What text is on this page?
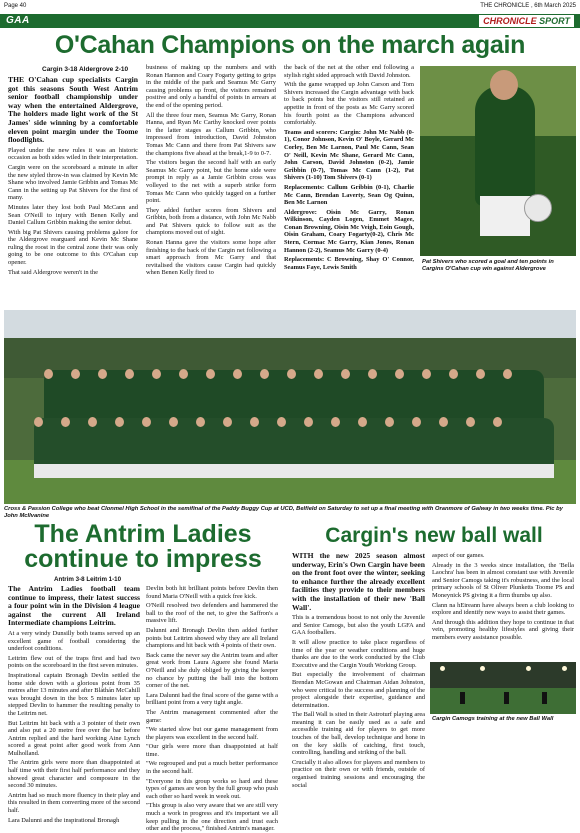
Page 40	THE CHRONICLE , 6th March 2025
GAA	CHRONICLE SPORT
O'Cahan Champions on the march again
Cargin 3-18 Aldergrove 2-10

THE O'Cahan cup specialists Cargin got this seasons South West Antrim senior football championship under way when the entertained Aldergrove, The holders made light work of the St James' side winning by a comfortable eleven point margin under the Toome floodlights.

Played under the new rules it was an historic occasion as both sides wiled in their interpretation.

Cargin were on the scoreboard a minute in after the new styled throw-in was claimed by Kevin Mc Shane who involved Jamie Gribbin and Tomas Mc Cann in the setting up Pat Shivers for the first of many.

Minutes later they lost both Paul McCann and Sean O'Neill to injury with Benen Kelly and Daniel Callum Gribbin making the senior debut.

With big Pat Shivers causing problems galore for the Aldergrove rearguard and Kevin Mc Shane ruling the roost in the central zone their was only going to be one outcome to this O'Cahan cup opener.

That said Aldergrove weren't in the

business of making up the numbers and with Ronan Hannon and Coary Fogarty getting to grips in the middle of the park and Seamus Mc Garry causing problems up front, the visitors remained positive and only a handful of points in arrears at the end of the opening period.

All the three four men, Seamus Mc Garry, Ronan Hanna, and Ryan Mc Carthy knocked over points in the latter stages as Callum Gribbin, who impressed from introduction, David Johnston Tomas Mc Cann and there from Pat Shivers saw the champions five ahead at the break,1-9 to 0-7.

The visitors began the second half with an early Seamus Mc Garry point, but the home side were prompt in reply as a Jamie Gribbin cross was volleyed to the net with a superb strike form Tomas Mc Cann who quickly tagged on a further point.

They added further scores from Shivers and Gribbin, both from a distance, with John Mc Nabb and Pat Shivers quick to follow suit as the champions moved out of sight.

Ronan Hanna gave the visitors some hope after finishing to the back of the Cargin net following a smart approach from Mc Garry and that revitalised the visitors cause Cargin had quickly when Benen Kelly fired to

the back of the net at the other end following a stylish right sided approach with David Johnston.

With the game wrapped up John Carson and Tom Shivers increased the Cargin advantage with back to back points but the visitors still retained an appetite in front of the posts as Mc Garry scored his fourth point as the Champions advanced comfortably.

Teams and scorers: Cargin: John Mc Nabb (0-1), Conor Johnson, Kevin O' Boyle, Gerard Mc Corley, Ben Mc Larnon, Paul Mc Cann, Sean O' Neill, Kevin Mc Shane, Gerard Mc Cann, John Carson, David Johnston (0-2), Jamie Gribbin (0-7), Tomas Mc Cann (1-2), Pat Shivers (1-10) Tom Shivers (0-1)

Replacements: Callum Gribbin (0-1), Charlie Mc Cann, Brendan Laverty, Sean Og Quinn, Ben Mc Larnon

Aldergrove: Oisin Mc Garry, Ronan Wilkinson, Cayden Logen, Emmet Magee, Conan Browning, Oisin Mc Veigh, Eoin Gough, Oisin Graham, Coary Fogarty(0-2), Chris Mc Stern, Cormac Mc Garry, Kian Jones, Ronan Hannon (2-2), Seamus Mc Garry (0-4)

Replacements: C Browning, Shay O' Connor, Seamus Faye, Lewis Smith

Pat Shivers who scored a goal and ten points in Cargins O'Cahan cup win against Aldergrove
Cross & Passion College who beat Clonmel High School in the semifinal of the Paddy Buggy Cup at UCD, Belfield on Saturday to set up a final meeting with Oranmore of Galway in two weeks time. Pic by John McIlvanine
The Antrim Ladies continue to impress
Antrim 3-8 Leitrim 1-10

The Antrim Ladies football team continue to impress, their latest success a four point win in the Division 4 league against the current All Ireland Intermediate champions Leitrim.

At a very windy Dunsilly both teams served up an excellent game of football considering the underfoot conditions.

Leitrim flew out of the traps first and had two points on the scoreboard in the first seven minutes.

Inspirational captain Bronagh Devlin settled the home side down with a glorious point from 35 metres after 13 minutes and after Bláthán McCahill was brought down in the box 5 minutes later up stepped Devlin to hammer the resulting penalty to the Leitrim net.

But Leitrim hit back with a 3 pointer of their own and also put a 20 metre free over the bar before Antrim replied and the hard working Aine Lynch scored a great point after good work from Ann Mulholland.

The Antrim girls were more than disappointed at half time with their first half performance and they showed great character and composure in the second 30 minutes.

Antrim had so much more fluency in their play and this resulted in them converting more of the second half.

Lara Dalunni and the inspirational Bronagh

Devlin both hit brilliant points before Devlin then found Maria O'Neill with a quick free kick.

O'Neill resolved two defenders and hammered the ball to the roof of the net, to give the Saffron's a massive lift.

Dalunni and Bronagh Devlin then added further points but Leitrim showed why they are all Ireland champions and hit back with 4 points of their own.

Back came the never say die Antrim team and after great work from Laura Aguere she found Maria O'Neill and she duly obliged by giving the keeper no chance by putting the ball into the bottom corner of the net.

Lara Dalunni had the final score of the game with a brilliant point from a very tight angle.

The Antrim management commented after the game:

"We started slow but our game management from the players was excellent in the second half.

"Our girls were more than disappointed at half time.

"We regrouped and put a much better performance in the second half.

"Everyone in this group works so hard and these types of games are won by the full group who push each other so hard week in week out.

"This group is also very aware that we are still very much a work in progress and it's important we all keep pulling in the one direction and trust each other and the process," finished Antrim's manager.

Cargin's new ball wall

WITH the new 2025 season almost underway, Erin's Own Cargin have been on the front foot over the winter, seeking to enhance further the already excellent facilities they provide to their members with the installation of their new 'Ball Wall'.

This is a tremendous boost to not only the Juvenile and Senior Camogs, but also the youth LGFA and GAA footballers.

It will allow practice to take place regardless of time of the year or weather conditions and huge thanks are due to the work conducted by the Club Executive and the Cargin Youth Working Group.

But especially the involvement of chairman Brendan McGowan and Chairman Aidan Johnston, who were critical to the success and planning of the project alongside their expertise, guidance and determination.

The Ball Wall is sited in their Astroturf playing area meaning it can be easily used as a safe and accessible training aid for players to get more touches of the ball, develop technique and hone in on the key skills of catching, first touch, controlling, handling and striking of the ball.

Crucially it also allows for players and members to practice on their own or with friends, outside of organised training sessions and encouraging the social

aspect of our games.

Already in the 3 weeks since installation, the 'Bella Laochra' has been in almost constant use with Juvenile and Senior Camogs taking it's robustness, and the local primary schools of St Oliver Plunketts Toome PS and Moneynick PS giving it a firm thumbs up also.

Clann na hEireann have always been a club looking to explore and identify new ways to assist their games.

And through this addition they hope to continue in that vein, promoting healthy lifestyles and giving their members every assistance possible.

Cargin Camogs training at the new Ball Wall
